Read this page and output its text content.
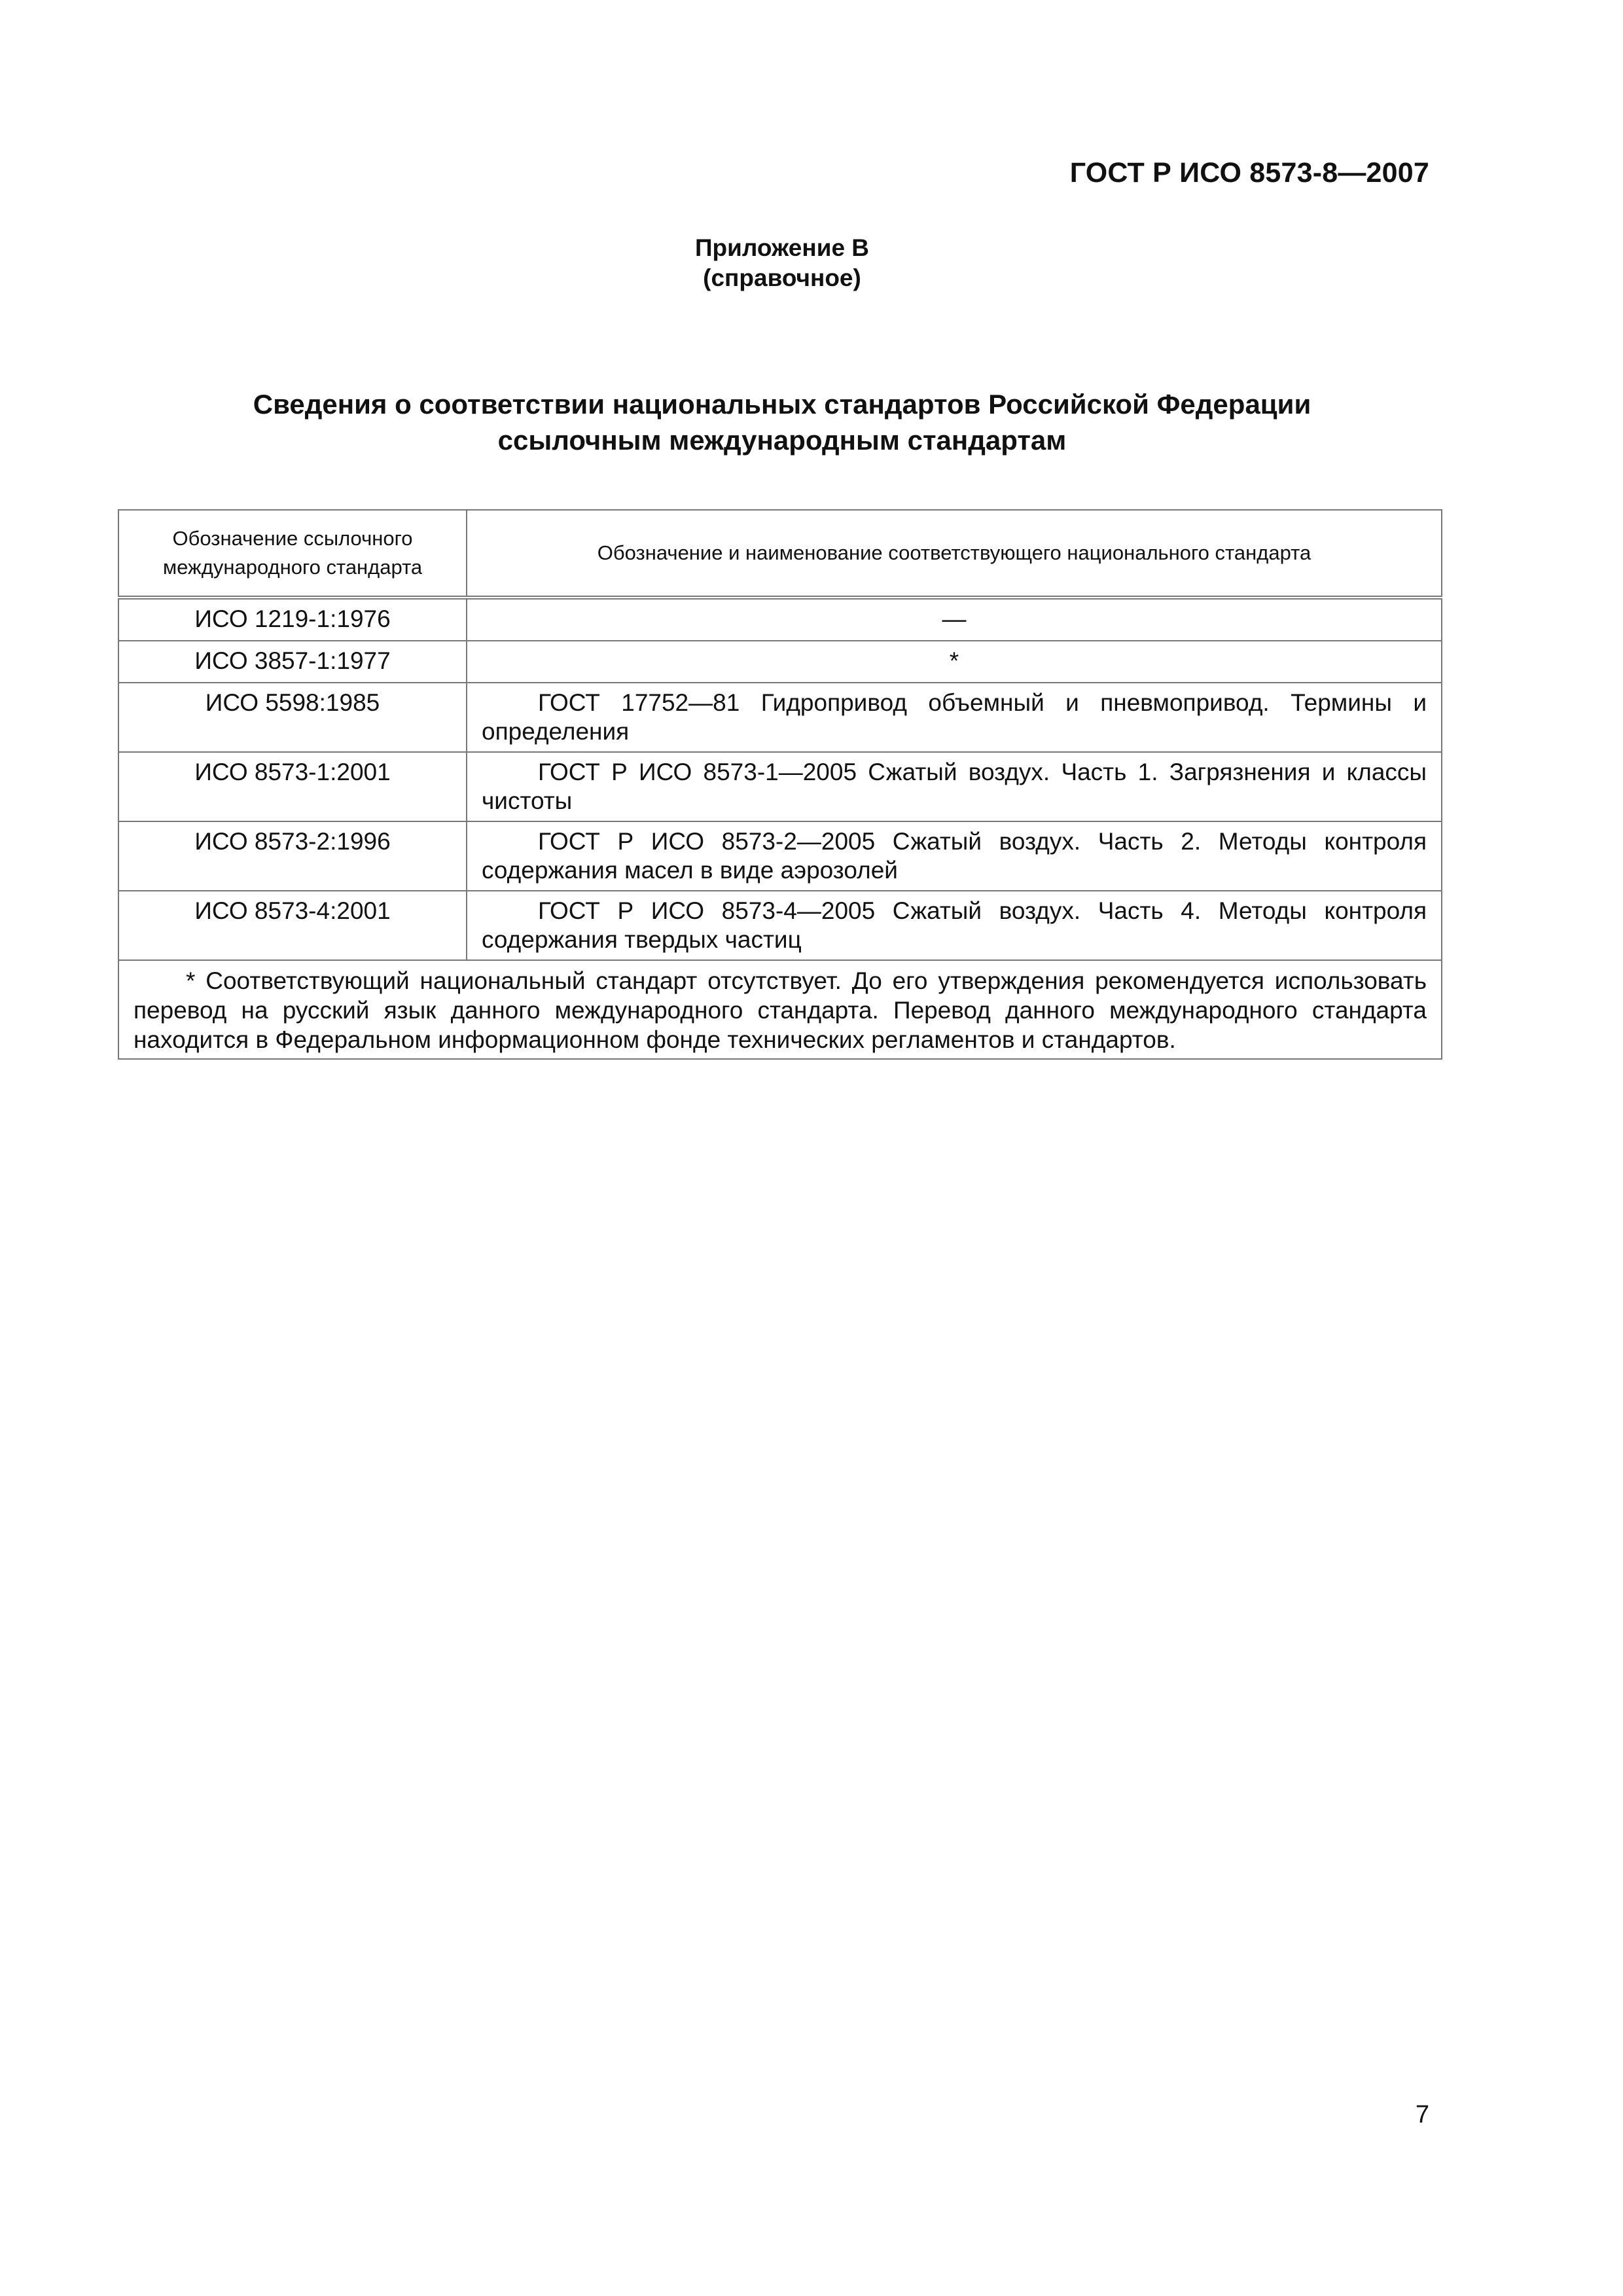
ГОСТ Р ИСО 8573-8—2007
Приложение В
(справочное)
Сведения о соответствии национальных стандартов Российской Федерации
ссылочным международным стандартам
Обозначение ссылочного международного стандарта	Обозначение и наименование соответствующего национального стандарта
ИСО 1219-1:1976	—
ИСО 3857-1:1977	*
ИСО 5598:1985	ГОСТ 17752—81 Гидропривод объемный и пневмопривод. Термины и определения

ИСО 8573-1:2001	ГОСТ Р ИСО 8573-1—2005 Сжатый воздух. Часть 1. Загрязнения и классы чистоты

ИСО 8573-2:1996	ГОСТ Р ИСО 8573-2—2005 Сжатый воздух. Часть 2. Методы контроля содержания масел в виде аэрозолей

ИСО 8573-4:2001	ГОСТ Р ИСО 8573-4—2005 Сжатый воздух. Часть 4. Методы контроля содержания твердых частиц

* Соответствующий национальный стандарт отсутствует. До его утверждения рекомендуется использовать перевод на русский язык данного международного стандарта. Перевод данного международного стандарта находится в Федеральном информационном фонде технических регламентов и стандартов.	
7
